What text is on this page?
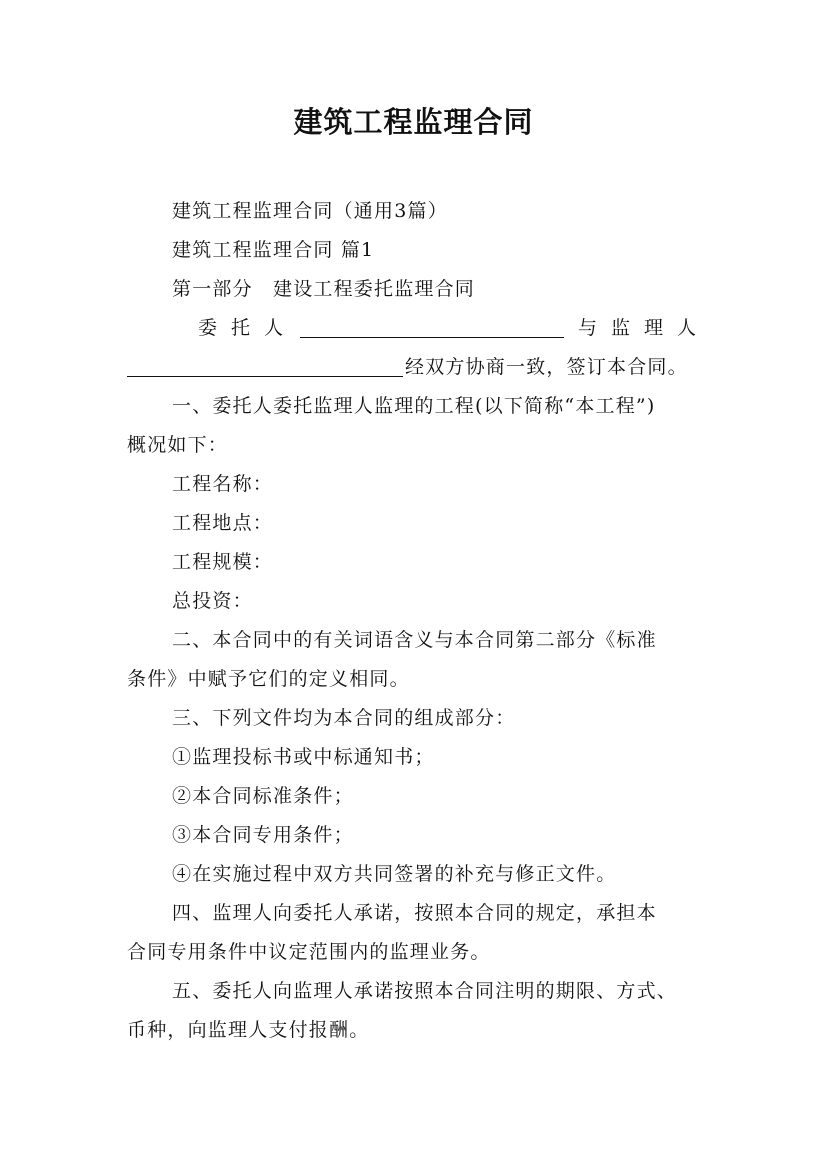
建筑工程监理合同
建筑工程监理合同（通用3篇）
建筑工程监理合同 篇1
第一部分　建设工程委托监理合同
委托人	与监理人
经双方协商一致，签订本合同。
一、委托人委托监理人监理的工程(以下简称“本工程”)
概况如下：
工程名称：
工程地点：
工程规模：
总投资：
二、本合同中的有关词语含义与本合同第二部分《标准
条件》中赋予它们的定义相同。
三、下列文件均为本合同的组成部分：
①监理投标书或中标通知书；
②本合同标准条件；
③本合同专用条件；
④在实施过程中双方共同签署的补充与修正文件。
四、监理人向委托人承诺，按照本合同的规定，承担本
合同专用条件中议定范围内的监理业务。
五、委托人向监理人承诺按照本合同注明的期限、方式、
币种，向监理人支付报酬。
